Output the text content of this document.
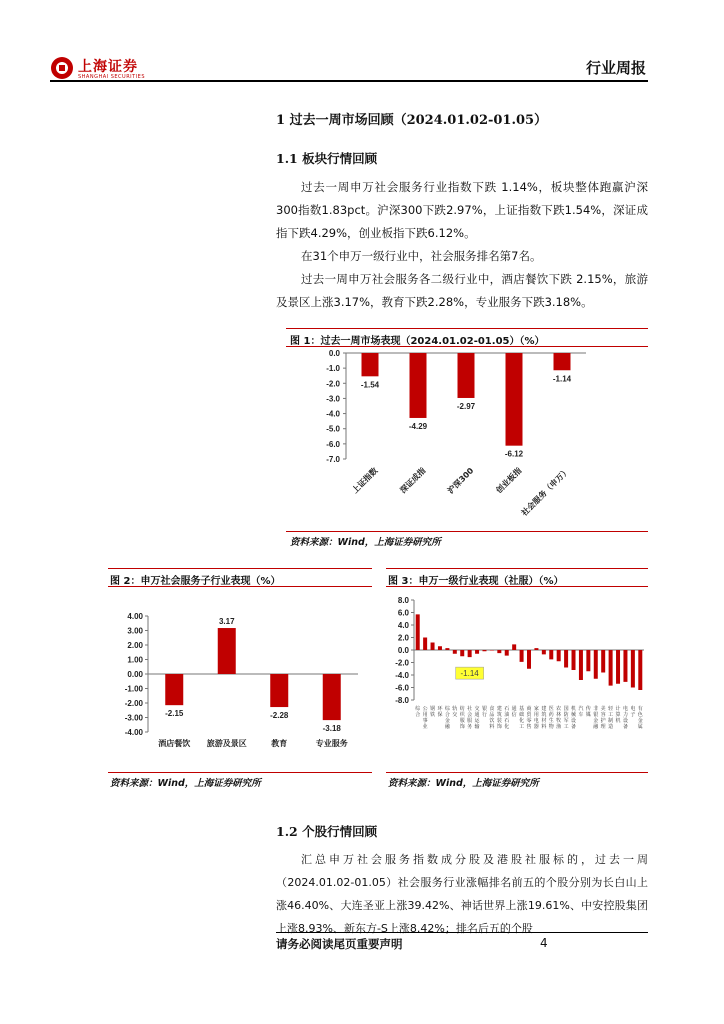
上海证券
SHANGHAI SECURITIES	行业周报
1 过去一周市场回顾（2024.01.02-01.05）
1.1 板块行情回顾

过去一周申万社会服务行业指数下跌 1.14%，板块整体跑赢沪深300指数1.83pct。沪深300下跌2.97%，上证指数下跌1.54%，深证成指下跌4.29%，创业板指下跌6.12%。

在31个申万一级行业中，社会服务排名第7名。

过去一周申万社会服务各二级行业中，酒店餐饮下跌 2.15%，旅游及景区上涨3.17%，教育下跌2.28%，专业服务下跌3.18%。

图 1：过去一周市场表现（2024.01.02-01.05）（%）
0.0
-1.0
-2.0
-3.0
-4.0
-5.0
-6.0
-7.0
-1.54
上证指数
-4.29
深证成指
-2.97
沪深300
-6.12
创业板指
-1.14
社会服务（申万）
资料来源：Wind，上海证券研究所
图 2：申万社会服务子行业表现（%）
4.00
3.00
2.00
1.00
0.00
-1.00
-2.00
-3.00
-4.00
-2.15
酒店餐饮
3.17
旅游及景区
-2.28
教育
-3.18
专业服务
资料来源：Wind，上海证券研究所
图 3：申万一级行业表现（社服）（%）
8.0
6.0
4.0
2.0
0.0
-2.0
-4.0
-6.0
-8.0
综合
公用事业
钢铁
环保
综合金融
轨交
纺织服饰
社会服务
交通运输
银行
食品饮料
建筑装饰
石油石化
通信
基础化工
商贸零售
家用电器
建筑材料
医药生物
农林牧渔
国防军工
机械设备
汽车
传媒
非银金融
美容护理
轻工制造
计算机
电力设备
电子
有色金属
-1.14
资料来源：Wind，上海证券研究所
1.2 个股行情回顾

汇总申万社会服务指数成分股及港股社服标的，过去一周（2024.01.02-01.05）社会服务行业涨幅排名前五的个股分别为长白山上涨46.40%、大连圣亚上涨39.42%、神话世界上涨19.61%、中安控股集团上涨8.93%、新东方-S上涨8.42%；排名后五的个股

请务必阅读尾页重要声明	4
